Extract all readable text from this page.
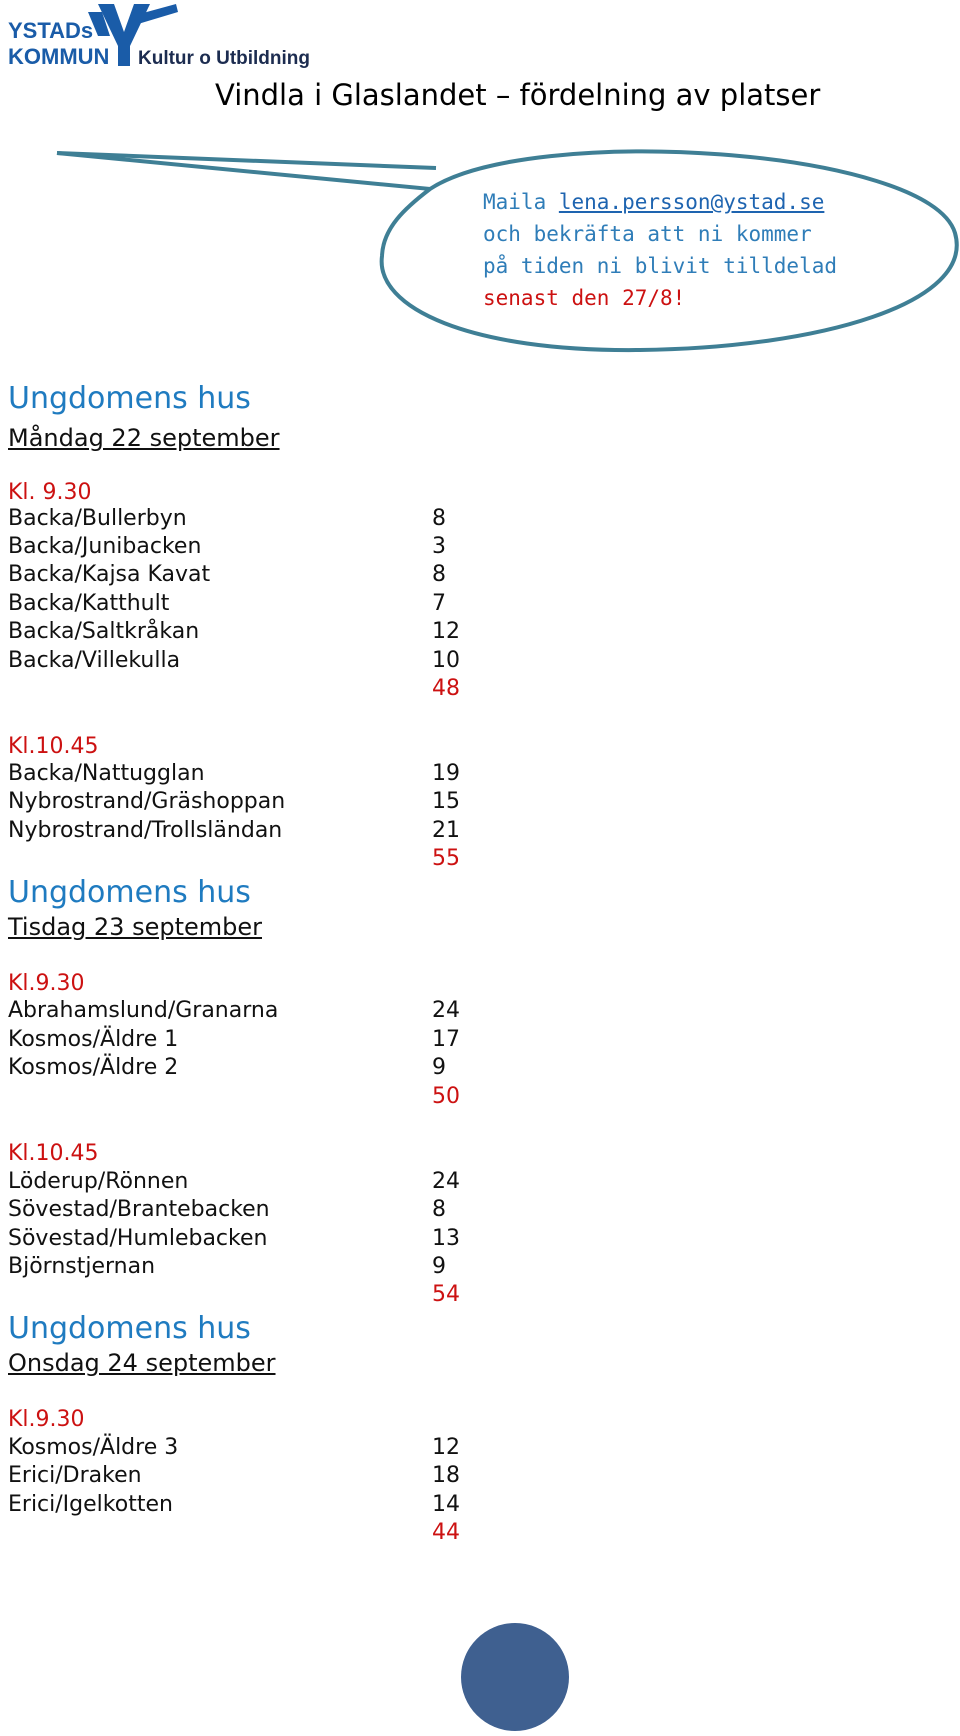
YSTADs
KOMMUN Kultur o Utbildning
Vindla i Glaslandet – fördelning av platser
Maila lena.persson@ystad.se
och bekräfta att ni kommer
på tiden ni blivit tilldelad
senast den 27/8!
Ungdomens hus
Måndag 22 september
Kl. 9.30
Backa/Bullerbyn	8
Backa/Junibacken	3
Backa/Kajsa Kavat	8
Backa/Katthult	7
Backa/Saltkråkan	12
Backa/Villekulla	10
48
Kl.10.45
Backa/Nattugglan	19
Nybrostrand/Gräshoppan	15
Nybrostrand/Trollsländan	21
55
Ungdomens hus
Tisdag 23 september
Kl.9.30
Abrahamslund/Granarna	24
Kosmos/Äldre 1	17
Kosmos/Äldre 2	9
50
Kl.10.45
Löderup/Rönnen	24
Sövestad/Brantebacken	8
Sövestad/Humlebacken	13
Björnstjernan	9
54
Ungdomens hus
Onsdag 24 september
Kl.9.30
Kosmos/Äldre 3	12
Erici/Draken	18
Erici/Igelkotten	14
44
